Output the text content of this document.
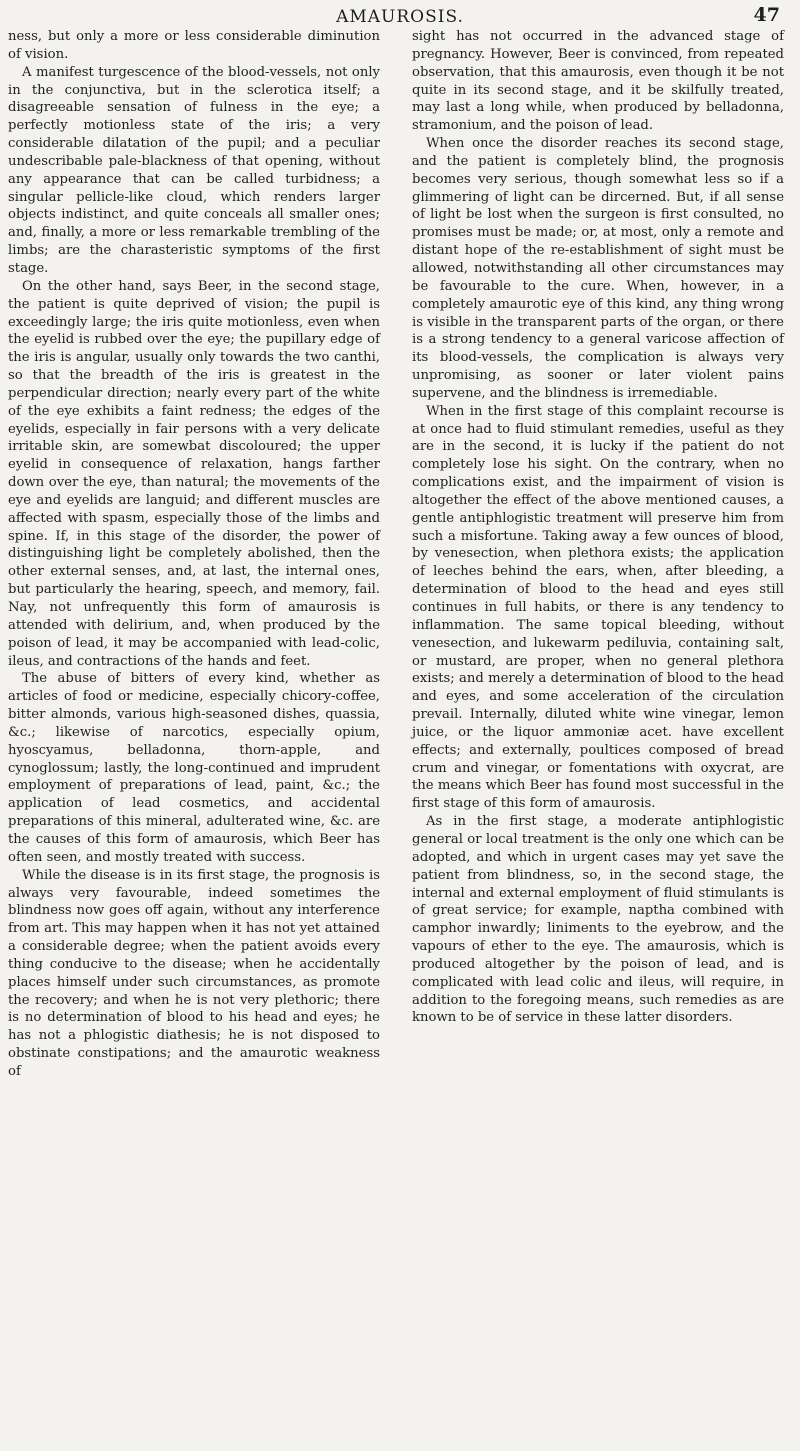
AMAUROSIS.	47

ness, but only a more or less considerable diminution of vision.

A manifest turgescence of the blood-vessels, not only in the conjunctiva, but in the sclerotica itself; a disagreeable sensation of fulness in the eye; a perfectly motionless state of the iris; a very considerable dilatation of the pupil; and a peculiar undescribable pale-blackness of that opening, without any appearance that can be called turbidness; a singular pellicle-like cloud, which renders larger objects indistinct, and quite conceals all smaller ones; and, finally, a more or less remarkable trembling of the limbs; are the charasteristic symptoms of the first stage.

On the other hand, says Beer, in the second stage, the patient is quite deprived of vision; the pupil is exceedingly large; the iris quite motionless, even when the eyelid is rubbed over the eye; the pupillary edge of the iris is angular, usually only towards the two canthi, so that the breadth of the iris is greatest in the perpendicular direction; nearly every part of the white of the eye exhibits a faint redness; the edges of the eyelids, especially in fair persons with a very delicate irritable skin, are somewbat discoloured; the upper eyelid in consequence of relaxation, hangs farther down over the eye, than natural; the movements of the eye and eyelids are languid; and different muscles are affected with spasm, especially those of the limbs and spine. If, in this stage of the disorder, the power of distinguishing light be completely abolished, then the other external senses, and, at last, the internal ones, but particularly the hearing, speech, and memory, fail. Nay, not unfrequently this form of amaurosis is attended with delirium, and, when produced by the poison of lead, it may be accompanied with lead-colic, ileus, and contractions of the hands and feet.

The abuse of bitters of every kind, whether as articles of food or medicine, especially chicory-coffee, bitter almonds, various high-seasoned dishes, quassia, &c.; likewise of narcotics, especially opium, hyoscyamus, belladonna, thorn-apple, and cynoglossum; lastly, the long-continued and imprudent employment of preparations of lead, paint, &c.; the application of lead cosmetics, and accidental preparations of this mineral, adulterated wine, &c. are the causes of this form of amaurosis, which Beer has often seen, and mostly treated with success.

While the disease is in its first stage, the prognosis is always very favourable, indeed sometimes the blindness now goes off again, without any interference from art. This may happen when it has not yet attained a considerable degree; when the patient avoids every thing conducive to the disease; when he accidentally places himself under such circumstances, as promote the recovery; and when he is not very plethoric; there is no determination of blood to his head and eyes; he has not a phlogistic diathesis; he is not disposed to obstinate constipations; and the amaurotic weakness of

sight has not occurred in the advanced stage of pregnancy. However, Beer is convinced, from repeated observation, that this amaurosis, even though it be not quite in its second stage, and it be skilfully treated, may last a long while, when produced by belladonna, stramonium, and the poison of lead.

When once the disorder reaches its second stage, and the patient is completely blind, the prognosis becomes very serious, though somewhat less so if a glimmering of light can be dircerned. But, if all sense of light be lost when the surgeon is first consulted, no promises must be made; or, at most, only a remote and distant hope of the re-establishment of sight must be allowed, notwithstanding all other circumstances may be favourable to the cure. When, however, in a completely amaurotic eye of this kind, any thing wrong is visible in the transparent parts of the organ, or there is a strong tendency to a general varicose affection of its blood-vessels, the complication is always very unpromising, as sooner or later violent pains supervene, and the blindness is irremediable.

When in the first stage of this complaint recourse is at once had to fluid stimulant remedies, useful as they are in the second, it is lucky if the patient do not completely lose his sight. On the contrary, when no complications exist, and the impairment of vision is altogether the effect of the above mentioned causes, a gentle antiphlogistic treatment will preserve him from such a misfortune. Taking away a few ounces of blood, by venesection, when plethora exists; the application of leeches behind the ears, when, after bleeding, a determination of blood to the head and eyes still continues in full habits, or there is any tendency to inflammation. The same topical bleeding, without venesection, and lukewarm pediluvia, containing salt, or mustard, are proper, when no general plethora exists; and merely a determination of blood to the head and eyes, and some acceleration of the circulation prevail. Internally, diluted white wine vinegar, lemon juice, or the liquor ammoniæ acet. have excellent effects; and externally, poultices composed of bread crum and vinegar, or fomentations with oxycrat, are the means which Beer has found most successful in the first stage of this form of amaurosis.

As in the first stage, a moderate antiphlogistic general or local treatment is the only one which can be adopted, and which in urgent cases may yet save the patient from blindness, so, in the second stage, the internal and external employment of fluid stimulants is of great service; for example, naptha combined with camphor inwardly; liniments to the eyebrow, and the vapours of ether to the eye. The amaurosis, which is produced altogether by the poison of lead, and is complicated with lead colic and ileus, will require, in addition to the foregoing means, such remedies as are known to be of service in these latter disorders.
